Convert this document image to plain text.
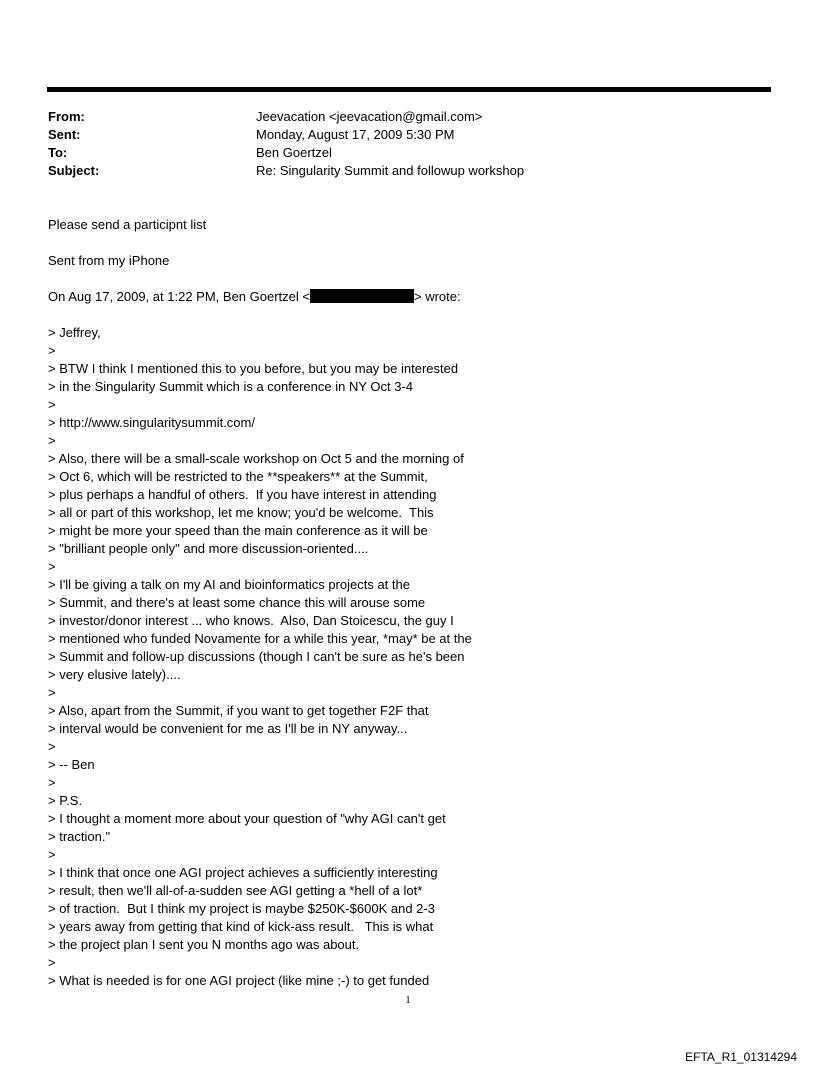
From:	Jeevacation <jeevacation@gmail.com>
Sent:	Monday, August 17, 2009 5:30 PM
To:	Ben Goertzel
Subject:	Re: Singularity Summit and followup workshop
Please send a participnt list
Sent from my iPhone
On Aug 17, 2009, at 1:22 PM, Ben Goertzel <	> wrote:
> Jeffrey,
>
> BTW I think I mentioned this to you before, but you may be interested
> in the Singularity Summit which is a conference in NY Oct 3-4
>
> http://www.singularitysummit.com/
>
> Also, there will be a small-scale workshop on Oct 5 and the morning of
> Oct 6, which will be restricted to the **speakers** at the Summit,
> plus perhaps a handful of others.  If you have interest in attending
> all or part of this workshop, let me know; you'd be welcome.  This
> might be more your speed than the main conference as it will be
> "brilliant people only" and more discussion-oriented....
>
> I'll be giving a talk on my AI and bioinformatics projects at the
> Summit, and there's at least some chance this will arouse some
> investor/donor interest ... who knows.  Also, Dan Stoicescu, the guy I
> mentioned who funded Novamente for a while this year, *may* be at the
> Summit and follow-up discussions (though I can't be sure as he's been
> very elusive lately)....
>
> Also, apart from the Summit, if you want to get together F2F that
> interval would be convenient for me as I'll be in NY anyway...
>
> -- Ben
>
> P.S.
> I thought a moment more about your question of "why AGI can't get
> traction."
>
> I think that once one AGI project achieves a sufficiently interesting
> result, then we'll all-of-a-sudden see AGI getting a *hell of a lot*
> of traction.  But I think my project is maybe $250K-$600K and 2-3
> years away from getting that kind of kick-ass result.   This is what
> the project plan I sent you N months ago was about.
>
> What is needed is for one AGI project (like mine ;-) to get funded
1
EFTA_R1_01314294
